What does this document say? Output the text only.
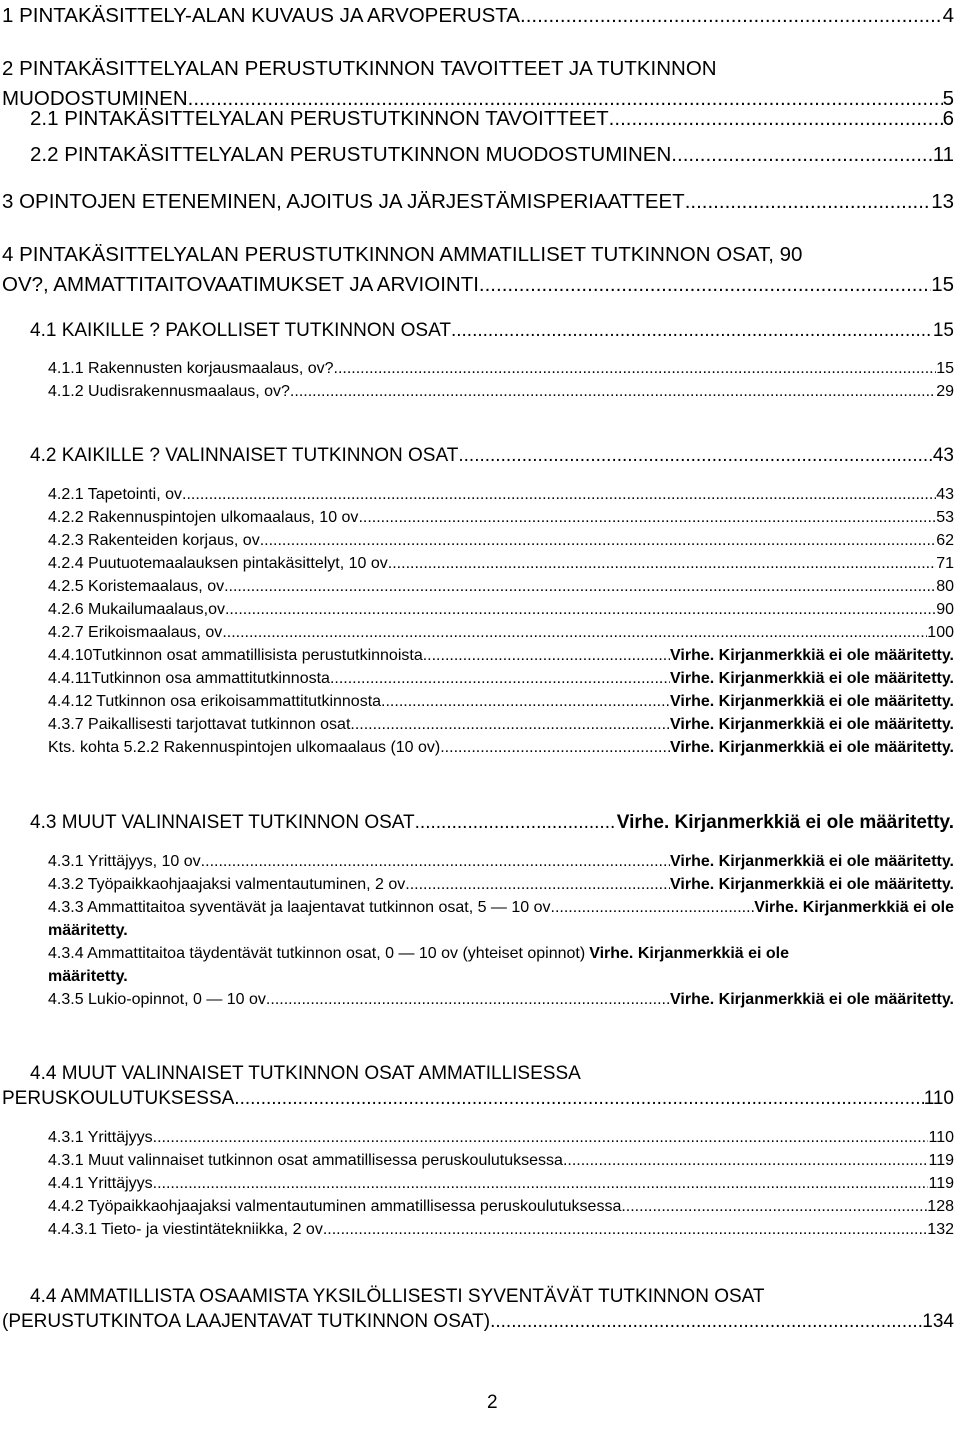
1 PINTAKÄSITTELY-ALAN KUVAUS JA ARVOPERUSTA .....	4
2 PINTAKÄSITTELYALAN PERUSTUTKINNON TAVOITTEET JA TUTKINNON
MUODOSTUMINEN .....	5
2.1 PINTAKÄSITTELYALAN PERUSTUTKINNON TAVOITTEET .....	6
2.2 PINTAKÄSITTELYALAN PERUSTUTKINNON MUODOSTUMINEN .....	11
3 OPINTOJEN ETENEMINEN, AJOITUS JA JÄRJESTÄMISPERIAATTEET .....	13
4 PINTAKÄSITTELYALAN PERUSTUTKINNON AMMATILLISET TUTKINNON OSAT, 90
OV?, AMMATTITAITOVAATIMUKSET JA ARVIOINTI .....	15
4.1 KAIKILLE ? PAKOLLISET TUTKINNON OSAT .....	15
4.1.1 Rakennusten korjausmaalaus, ov?. .....	15
4.1.2 Uudisrakennusmaalaus, ov?. .....	29
4.2 KAIKILLE ? VALINNAISET TUTKINNON OSAT .....	43
4.2.1 Tapetointi, ov .....	43
4.2.2 Rakennuspintojen ulkomaalaus, 10 ov .....	53
4.2.3 Rakenteiden korjaus, ov .....	62
4.2.4 Puutuotemaalauksen pintakäsittelyt, 10 ov .....	71
4.2.5 Koristemaalaus, ov .....	80
4.2.6 Mukailumaalaus,ov .....	90
4.2.7 Erikoismaalaus, ov .....	100
4.4.10Tutkinnon osat ammatillisista perustutkinnoista .....	Virhe. Kirjanmerkkiä ei ole määritetty.
4.4.11Tutkinnon osa ammattitutkinnosta .....	Virhe. Kirjanmerkkiä ei ole määritetty.
4.4.12 Tutkinnon osa erikoisammattitutkinnosta .....	Virhe. Kirjanmerkkiä ei ole määritetty.
4.3.7 Paikallisesti tarjottavat tutkinnon osat .....	Virhe. Kirjanmerkkiä ei ole määritetty.
Kts. kohta 5.2.2 Rakennuspintojen ulkomaalaus (10 ov) .....	Virhe. Kirjanmerkkiä ei ole määritetty.
4.3 MUUT VALINNAISET TUTKINNON OSAT .....	Virhe. Kirjanmerkkiä ei ole määritetty.
4.3.1 Yrittäjyys, 10 ov .....	Virhe. Kirjanmerkkiä ei ole määritetty.
4.3.2 Työpaikkaohjaajaksi valmentautuminen, 2 ov .....	Virhe. Kirjanmerkkiä ei ole määritetty.
4.3.3 Ammattitaitoa syventävät ja laajentavat tutkinnon osat, 5 — 10 ov .....	Virhe. Kirjanmerkkiä ei ole
määritetty.
4.3.4 Ammattitaitoa täydentävät tutkinnon osat, 0 — 10 ov (yhteiset opinnot) Virhe. Kirjanmerkkiä ei ole
määritetty.
4.3.5 Lukio-opinnot, 0 — 10 ov .....	Virhe. Kirjanmerkkiä ei ole määritetty.
4.4 MUUT VALINNAISET TUTKINNON OSAT AMMATILLISESSA
PERUSKOULUTUKSESSA .....	110
4.3.1 Yrittäjyys .....	110
4.3.1 Muut valinnaiset tutkinnon osat ammatillisessa peruskoulutuksessa .....	119
4.4.1 Yrittäjyys .....	119
4.4.2 Työpaikkaohjaajaksi valmentautuminen ammatillisessa peruskoulutuksessa .....	128
4.4.3.1 Tieto- ja viestintätekniikka, 2 ov .....	132
4.4 AMMATILLISTA OSAAMISTA YKSILÖLLISESTI SYVENTÄVÄT TUTKINNON OSAT
(PERUSTUTKINTOA LAAJENTAVAT TUTKINNON OSAT) .....	134
2
